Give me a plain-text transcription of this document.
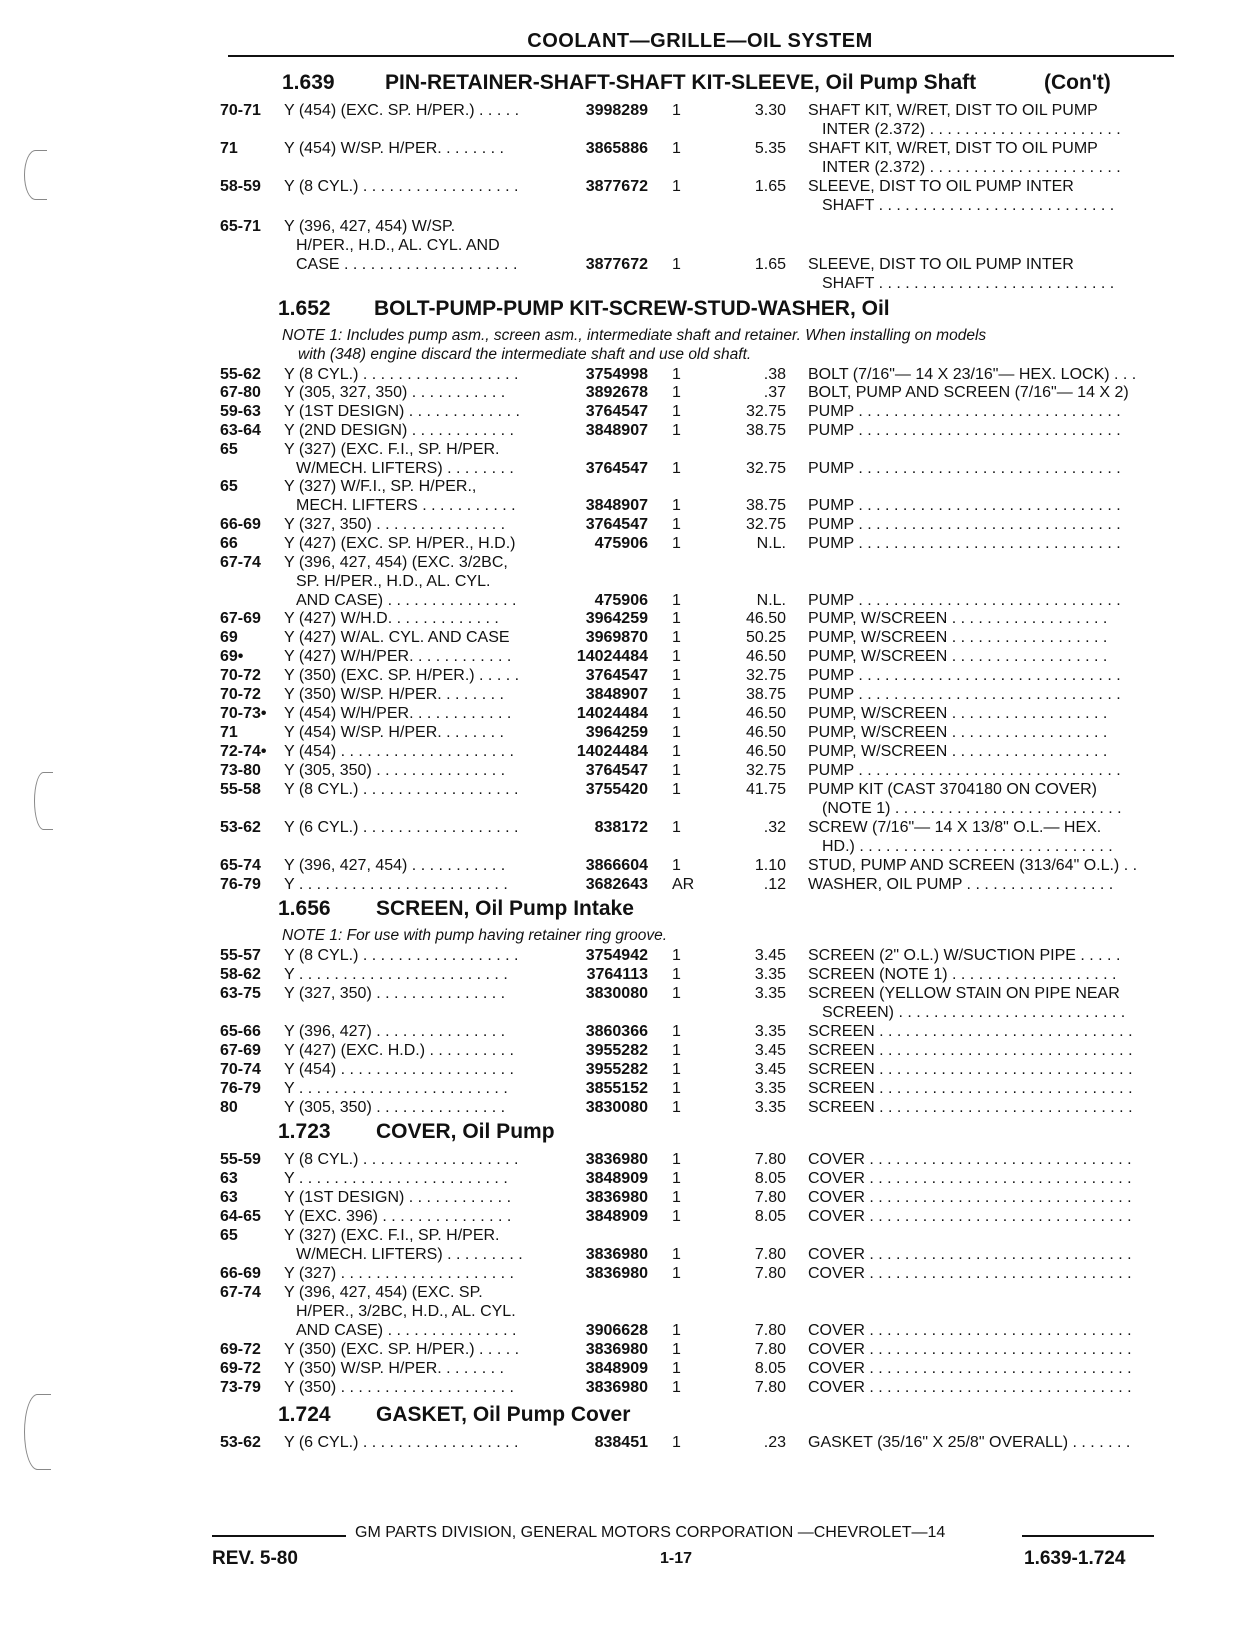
COOLANT—GRILLE—OIL SYSTEM
1.639 PIN-RETAINER-SHAFT-SHAFT KIT-SLEEVE, Oil Pump Shaft	(Con't)
70-71 Y (454) (EXC. SP. H/PER.) . . . . .	3998289 1	3.30 SHAFT KIT, W/RET, DIST TO OIL PUMP
INTER (2.372) . . . . . . . . . . . . . . . . . . . . . .
71	Y (454) W/SP. H/PER. . . . . . . .	3865886 1	5.35 SHAFT KIT, W/RET, DIST TO OIL PUMP
INTER (2.372) . . . . . . . . . . . . . . . . . . . . . .
58-59 Y (8 CYL.) . . . . . . . . . . . . . . . . . .	3877672 1	1.65 SLEEVE, DIST TO OIL PUMP INTER
SHAFT . . . . . . . . . . . . . . . . . . . . . . . . . . .
65-71 Y (396, 427, 454) W/SP.
H/PER., H.D., AL. CYL. AND
CASE . . . . . . . . . . . . . . . . . . . .	3877672 1	1.65 SLEEVE, DIST TO OIL PUMP INTER
SHAFT . . . . . . . . . . . . . . . . . . . . . . . . . . .
1.652 BOLT-PUMP-PUMP KIT-SCREW-STUD-WASHER, Oil
NOTE 1: Includes pump asm., screen asm., intermediate shaft and retainer. When installing on models
with (348) engine discard the intermediate shaft and use old shaft.
55-62 Y (8 CYL.) . . . . . . . . . . . . . . . . . .	3754998 1	.38 BOLT (7/16"— 14 X 23/16"— HEX. LOCK) . . .
67-80 Y (305, 327, 350) . . . . . . . . . . .	3892678 1	.37 BOLT, PUMP AND SCREEN (7/16"— 14 X 2)
59-63 Y (1ST DESIGN) . . . . . . . . . . . . .	3764547 1	32.75 PUMP . . . . . . . . . . . . . . . . . . . . . . . . . . . . . .
63-64 Y (2ND DESIGN) . . . . . . . . . . . .	3848907 1	38.75 PUMP . . . . . . . . . . . . . . . . . . . . . . . . . . . . . .
65	Y (327) (EXC. F.I., SP. H/PER.
W/MECH. LIFTERS) . . . . . . . .	3764547 1	32.75 PUMP . . . . . . . . . . . . . . . . . . . . . . . . . . . . . .
65	Y (327) W/F.I., SP. H/PER.,
MECH. LIFTERS . . . . . . . . . . .	3848907 1	38.75 PUMP . . . . . . . . . . . . . . . . . . . . . . . . . . . . . .
66-69 Y (327, 350) . . . . . . . . . . . . . . .	3764547 1	32.75 PUMP . . . . . . . . . . . . . . . . . . . . . . . . . . . . . .
66	Y (427) (EXC. SP. H/PER., H.D.)	475906 1	N.L. PUMP . . . . . . . . . . . . . . . . . . . . . . . . . . . . . .
67-74 Y (396, 427, 454) (EXC. 3/2BC,
SP. H/PER., H.D., AL. CYL.
AND CASE) . . . . . . . . . . . . . . .	475906 1	N.L. PUMP . . . . . . . . . . . . . . . . . . . . . . . . . . . . . .
67-69 Y (427) W/H.D. . . . . . . . . . . . .	3964259 1	46.50 PUMP, W/SCREEN . . . . . . . . . . . . . . . . . .
69	Y (427) W/AL. CYL. AND CASE	3969870 1	50.25 PUMP, W/SCREEN . . . . . . . . . . . . . . . . . .
69•	Y (427) W/H/PER. . . . . . . . . . . .	14024484 1	46.50 PUMP, W/SCREEN . . . . . . . . . . . . . . . . . .
70-72 Y (350) (EXC. SP. H/PER.) . . . . .	3764547 1	32.75 PUMP . . . . . . . . . . . . . . . . . . . . . . . . . . . . . .
70-72 Y (350) W/SP. H/PER. . . . . . . .	3848907 1	38.75 PUMP . . . . . . . . . . . . . . . . . . . . . . . . . . . . . .
70-73• Y (454) W/H/PER. . . . . . . . . . . .	14024484 1	46.50 PUMP, W/SCREEN . . . . . . . . . . . . . . . . . .
71	Y (454) W/SP. H/PER. . . . . . . .	3964259 1	46.50 PUMP, W/SCREEN . . . . . . . . . . . . . . . . . .
72-74• Y (454) . . . . . . . . . . . . . . . . . . . .	14024484 1	46.50 PUMP, W/SCREEN . . . . . . . . . . . . . . . . . .
73-80 Y (305, 350) . . . . . . . . . . . . . . .	3764547 1	32.75 PUMP . . . . . . . . . . . . . . . . . . . . . . . . . . . . . .
55-58 Y (8 CYL.) . . . . . . . . . . . . . . . . . .	3755420 1	41.75 PUMP KIT (CAST 3704180 ON COVER)
(NOTE 1) . . . . . . . . . . . . . . . . . . . . . . . . . .
53-62 Y (6 CYL.) . . . . . . . . . . . . . . . . . .	838172 1	.32 SCREW (7/16"— 14 X 13/8" O.L.— HEX.
HD.) . . . . . . . . . . . . . . . . . . . . . . . . . . . . .
65-74 Y (396, 427, 454) . . . . . . . . . . .	3866604 1	1.10 STUD, PUMP AND SCREEN (313/64" O.L.) . .
76-79 Y . . . . . . . . . . . . . . . . . . . . . . . .	3682643 AR	.12 WASHER, OIL PUMP . . . . . . . . . . . . . . . . .
1.656 SCREEN, Oil Pump Intake
NOTE 1: For use with pump having retainer ring groove.
55-57 Y (8 CYL.) . . . . . . . . . . . . . . . . . .	3754942 1	3.45 SCREEN (2" O.L.) W/SUCTION PIPE . . . . .
58-62 Y . . . . . . . . . . . . . . . . . . . . . . . .	3764113 1	3.35 SCREEN (NOTE 1) . . . . . . . . . . . . . . . . . . .
63-75 Y (327, 350) . . . . . . . . . . . . . . .	3830080 1	3.35 SCREEN (YELLOW STAIN ON PIPE NEAR
SCREEN) . . . . . . . . . . . . . . . . . . . . . . . . . .
65-66 Y (396, 427) . . . . . . . . . . . . . . .	3860366 1	3.35 SCREEN . . . . . . . . . . . . . . . . . . . . . . . . . . . . .
67-69 Y (427) (EXC. H.D.) . . . . . . . . . .	3955282 1	3.45 SCREEN . . . . . . . . . . . . . . . . . . . . . . . . . . . . .
70-74 Y (454) . . . . . . . . . . . . . . . . . . . .	3955282 1	3.45 SCREEN . . . . . . . . . . . . . . . . . . . . . . . . . . . . .
76-79 Y . . . . . . . . . . . . . . . . . . . . . . . .	3855152 1	3.35 SCREEN . . . . . . . . . . . . . . . . . . . . . . . . . . . . .
80	Y (305, 350) . . . . . . . . . . . . . . .	3830080 1	3.35 SCREEN . . . . . . . . . . . . . . . . . . . . . . . . . . . . .
1.723 COVER, Oil Pump
55-59 Y (8 CYL.) . . . . . . . . . . . . . . . . . .	3836980 1	7.80 COVER . . . . . . . . . . . . . . . . . . . . . . . . . . . . . .
63	Y . . . . . . . . . . . . . . . . . . . . . . . .	3848909 1	8.05 COVER . . . . . . . . . . . . . . . . . . . . . . . . . . . . . .
63	Y (1ST DESIGN) . . . . . . . . . . . .	3836980 1	7.80 COVER . . . . . . . . . . . . . . . . . . . . . . . . . . . . . .
64-65 Y (EXC. 396) . . . . . . . . . . . . . . .	3848909 1	8.05 COVER . . . . . . . . . . . . . . . . . . . . . . . . . . . . . .
65	Y (327) (EXC. F.I., SP. H/PER.
W/MECH. LIFTERS) . . . . . . . . .	3836980 1	7.80 COVER . . . . . . . . . . . . . . . . . . . . . . . . . . . . . .
66-69 Y (327) . . . . . . . . . . . . . . . . . . . .	3836980 1	7.80 COVER . . . . . . . . . . . . . . . . . . . . . . . . . . . . . .
67-74 Y (396, 427, 454) (EXC. SP.
H/PER., 3/2BC, H.D., AL. CYL.
AND CASE) . . . . . . . . . . . . . . .	3906628 1	7.80 COVER . . . . . . . . . . . . . . . . . . . . . . . . . . . . . .
69-72 Y (350) (EXC. SP. H/PER.) . . . . .	3836980 1	7.80 COVER . . . . . . . . . . . . . . . . . . . . . . . . . . . . . .
69-72 Y (350) W/SP. H/PER. . . . . . . .	3848909 1	8.05 COVER . . . . . . . . . . . . . . . . . . . . . . . . . . . . . .
73-79 Y (350) . . . . . . . . . . . . . . . . . . . .	3836980 1	7.80 COVER . . . . . . . . . . . . . . . . . . . . . . . . . . . . . .
1.724 GASKET, Oil Pump Cover
53-62 Y (6 CYL.) . . . . . . . . . . . . . . . . . .	838451 1	.23 GASKET (35/16" X 25/8" OVERALL) . . . . . . .
GM PARTS DIVISION, GENERAL MOTORS CORPORATION —CHEVROLET—14
REV. 5-80	1-17	1.639-1.724
